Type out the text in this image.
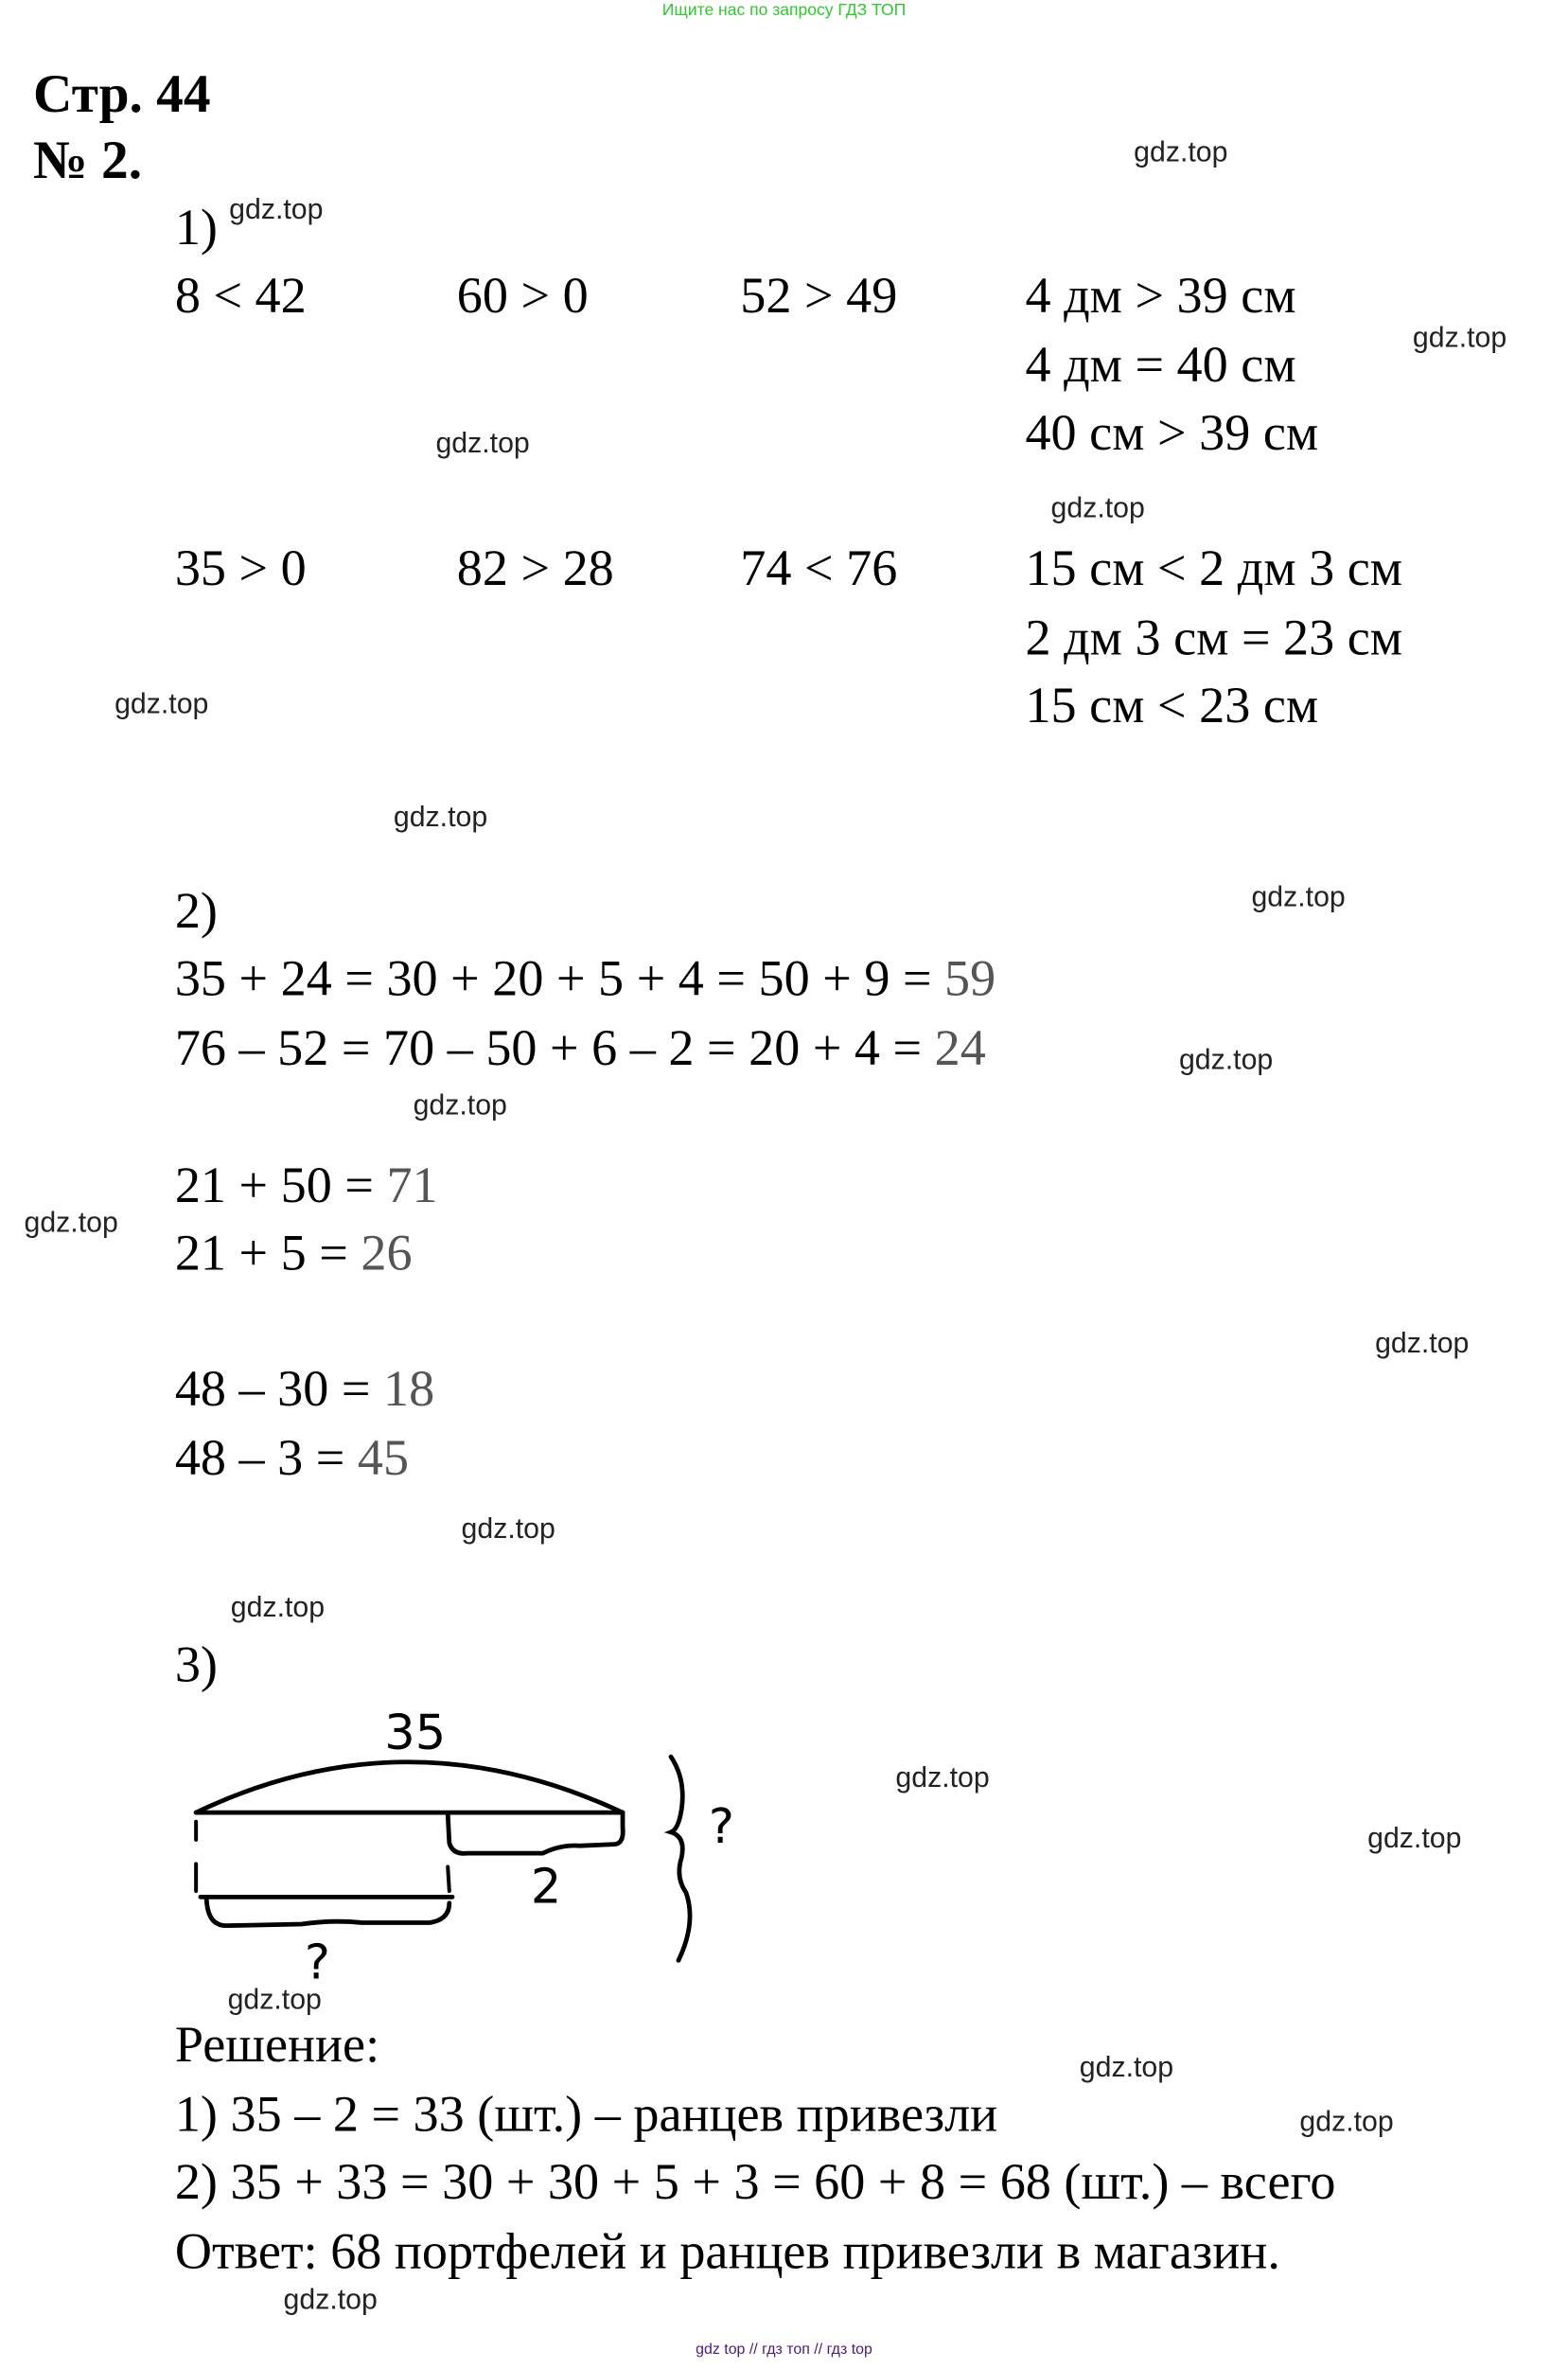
Ищите нас по запросу ГДЗ ТОП
Стр. 44
№ 2.
1)
8 < 42	60 > 0	52 > 49	4 дм > 39 см
4 дм = 40 см
40 см > 39 см
35 > 0	82 > 28	74 < 76	15 см < 2 дм 3 см
2 дм 3 см = 23 см
15 см < 23 см
2)
35 + 24 = 30 + 20 + 5 + 4 = 50 + 9 = 59
76 – 52 = 70 – 50 + 6 – 2 = 20 + 4 = 24
21 + 50 = 71
21 + 5 = 26
48 – 30 = 18
48 – 3 = 45
3)
35
2
?
?
Решение:
1) 35 – 2 = 33 (шт.) – ранцев привезли
2) 35 + 33 = 30 + 30 + 5 + 3 = 60 + 8 = 68 (шт.) – всего
Ответ: 68 портфелей и ранцев привезли в магазин.
gdz.top
gdz.top
gdz.top
gdz.top
gdz.top
gdz.top
gdz.top
gdz.top
gdz.top
gdz.top
gdz.top
gdz.top
gdz.top
gdz.top
gdz.top
gdz.top
gdz.top
gdz.top
gdz.top
gdz.top
gdz top // гдз топ // гдз top
